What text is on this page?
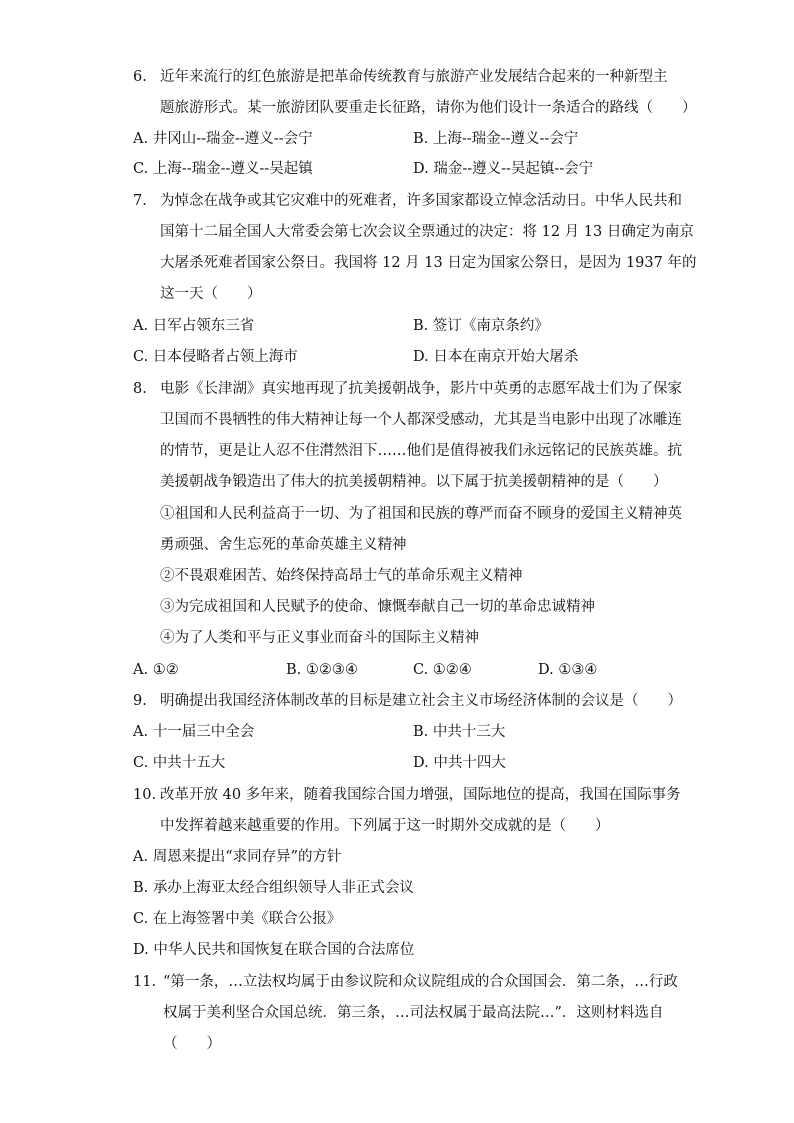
6. 近年来流行的红色旅游是把革命传统教育与旅游产业发展结合起来的一种新型主
题旅游形式。某一旅游团队要重走长征路，请你为他们设计一条适合的路线（　　）
A. 井冈山--瑞金--遵义--会宁	B. 上海--瑞金--遵义--会宁
C. 上海--瑞金--遵义--吴起镇	D. 瑞金--遵义--吴起镇--会宁
7. 为悼念在战争或其它灾难中的死难者，许多国家都设立悼念活动日。中华人民共和
国第十二届全国人大常委会第七次会议全票通过的决定：将 12 月 13 日确定为南京
大屠杀死难者国家公祭日。我国将 12 月 13 日定为国家公祭日，是因为 1937 年的
这一天（　　）
A. 日军占领东三省	B. 签订《南京条约》
C. 日本侵略者占领上海市	D. 日本在南京开始大屠杀
8. 电影《长津湖》真实地再现了抗美援朝战争，影片中英勇的志愿军战士们为了保家
卫国而不畏牺牲的伟大精神让每一个人都深受感动，尤其是当电影中出现了冰雕连
的情节，更是让人忍不住潸然泪下……他们是值得被我们永远铭记的民族英雄。抗
美援朝战争锻造出了伟大的抗美援朝精神。以下属于抗美援朝精神的是（　　）
①祖国和人民利益高于一切、为了祖国和民族的尊严而奋不顾身的爱国主义精神英
勇顽强、舍生忘死的革命英雄主义精神
②不畏艰难困苦、始终保持高昂士气的革命乐观主义精神
③为完成祖国和人民赋予的使命、慷慨奉献自己一切的革命忠诚精神
④为了人类和平与正义事业而奋斗的国际主义精神
A. ①②	B. ①②③④	C. ①②④	D. ①③④
9. 明确提出我国经济体制改革的目标是建立社会主义市场经济体制的会议是（　　）
A. 十一届三中全会	B. 中共十三大
C. 中共十五大	D. 中共十四大
10. 改革开放 40 多年来，随着我国综合国力增强，国际地位的提高，我国在国际事务
中发挥着越来越重要的作用。下列属于这一时期外交成就的是（　　）
A. 周恩来提出“求同存异”的方针
B. 承办上海亚太经合组织领导人非正式会议
C. 在上海签署中美《联合公报》
D. 中华人民共和国恢复在联合国的合法席位
11. “第一条，…立法权均属于由参议院和众议院组成的合众国国会．第二条，…行政
权属于美利坚合众国总统．第三条，…司法权属于最高法院…”．这则材料选自
（　　）
